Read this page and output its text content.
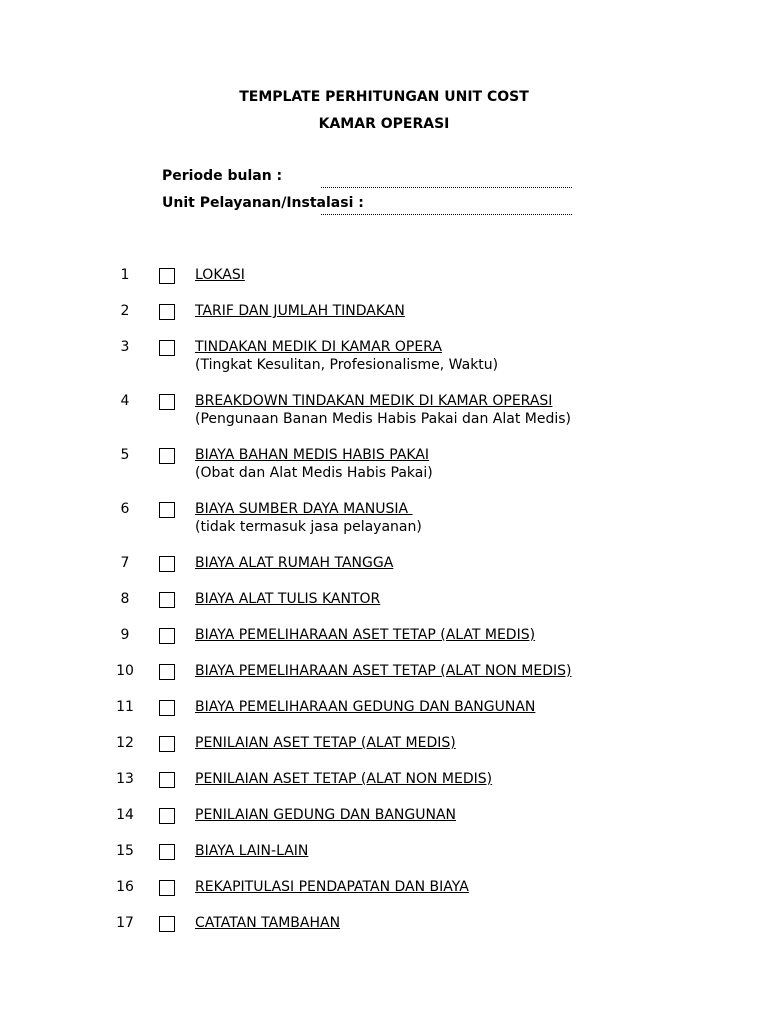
TEMPLATE PERHITUNGAN UNIT COST
KAMAR OPERASI
Periode bulan :
Unit Pelayanan/Instalasi :
1	LOKASI
2	TARIF DAN JUMLAH TINDAKAN
3	TINDAKAN MEDIK DI KAMAR OPERA
(Tingkat Kesulitan, Profesionalisme, Waktu)
4	BREAKDOWN TINDAKAN MEDIK DI KAMAR OPERASI
(Pengunaan Banan Medis Habis Pakai dan Alat Medis)
5	BIAYA BAHAN MEDIS HABIS PAKAI
(Obat dan Alat Medis Habis Pakai)
6	BIAYA SUMBER DAYA MANUSIA
(tidak termasuk jasa pelayanan)
7	BIAYA ALAT RUMAH TANGGA
8	BIAYA ALAT TULIS KANTOR
9	BIAYA PEMELIHARAAN ASET TETAP (ALAT MEDIS)
10	BIAYA PEMELIHARAAN ASET TETAP (ALAT NON MEDIS)
11	BIAYA PEMELIHARAAN GEDUNG DAN BANGUNAN
12	PENILAIAN ASET TETAP (ALAT MEDIS)
13	PENILAIAN ASET TETAP (ALAT NON MEDIS)
14	PENILAIAN GEDUNG DAN BANGUNAN
15	BIAYA LAIN-LAIN
16	REKAPITULASI PENDAPATAN DAN BIAYA
17	CATATAN TAMBAHAN
